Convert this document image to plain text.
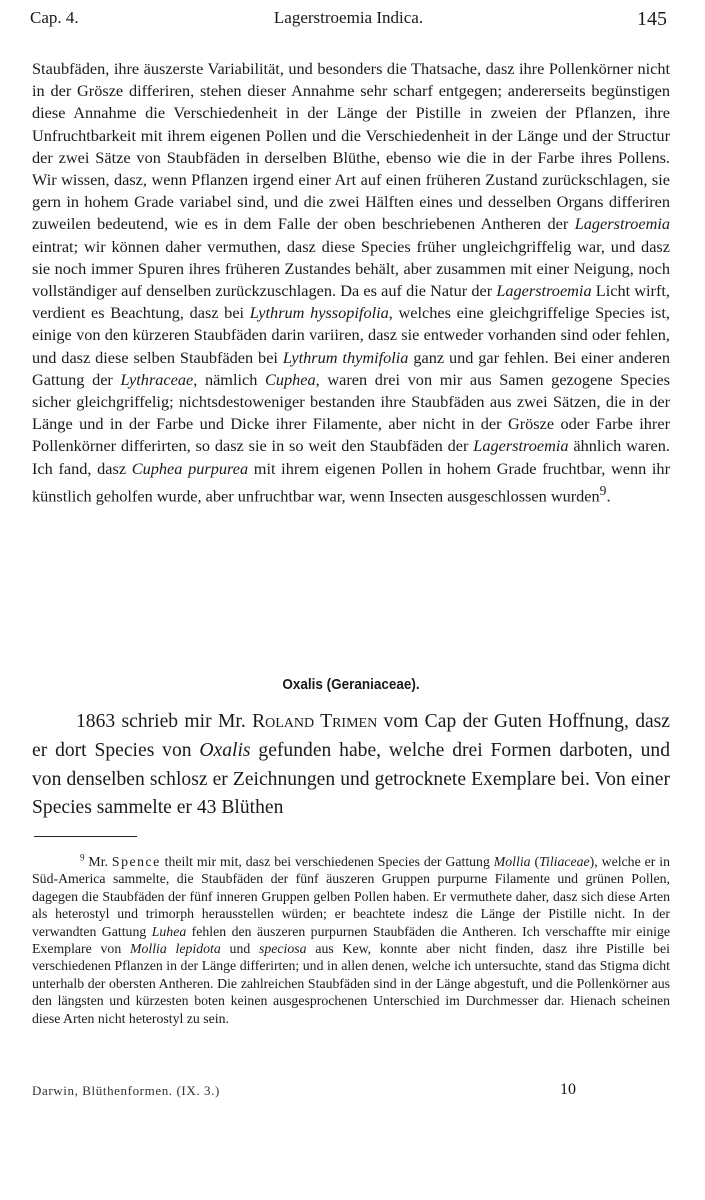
Cap. 4.	Lagerstroemia Indica.	145

Staubfäden, ihre äuszerste Variabilität, und besonders die Thatsache, dasz ihre Pollenkörner nicht in der Grösze differiren, stehen dieser Annahme sehr scharf entgegen; andererseits begünstigen diese Annahme die Verschiedenheit in der Länge der Pistille in zweien der Pflanzen, ihre Unfruchtbarkeit mit ihrem eigenen Pollen und die Verschiedenheit in der Länge und der Structur der zwei Sätze von Staubfäden in derselben Blüthe, ebenso wie die in der Farbe ihres Pollens. Wir wissen, dasz, wenn Pflanzen irgend einer Art auf einen früheren Zustand zurückschlagen, sie gern in hohem Grade variabel sind, und die zwei Hälften eines und desselben Organs differiren zuweilen bedeutend, wie es in dem Falle der oben beschriebenen Antheren der Lagerstroemia eintrat; wir können daher vermuthen, dasz diese Species früher ungleichgriffelig war, und dasz sie noch immer Spuren ihres früheren Zustandes behält, aber zusammen mit einer Neigung, noch vollständiger auf denselben zurückzuschlagen. Da es auf die Natur der Lagerstroemia Licht wirft, verdient es Beachtung, dasz bei Lythrum hyssopifolia, welches eine gleichgriffelige Species ist, einige von den kürzeren Staubfäden darin variiren, dasz sie entweder vorhanden sind oder fehlen, und dasz diese selben Staubfäden bei Lythrum thymifolia ganz und gar fehlen. Bei einer anderen Gattung der Lythraceae, nämlich Cuphea, waren drei von mir aus Samen gezogene Species sicher gleichgriffelig; nichtsdestoweniger bestanden ihre Staubfäden aus zwei Sätzen, die in der Länge und in der Farbe und Dicke ihrer Filamente, aber nicht in der Grösze oder Farbe ihrer Pollenkörner differirten, so dasz sie in so weit den Staubfäden der Lagerstroemia ähnlich waren. Ich fand, dasz Cuphea purpurea mit ihrem eigenen Pollen in hohem Grade fruchtbar, wenn ihr künstlich geholfen wurde, aber unfruchtbar war, wenn Insecten ausgeschlossen wurden$^9$.

Oxalis (Geraniaceae).

1863 schrieb mir Mr. Roland Trimen vom Cap der Guten Hoffnung, dasz er dort Species von Oxalis gefunden habe, welche drei Formen darboten, und von denselben schlosz er Zeichnungen und getrocknete Exemplare bei. Von einer Species sammelte er 43 Blüthen

$^9$ Mr. Spence theilt mir mit, dasz bei verschiedenen Species der Gattung Mollia (Tiliaceae), welche er in Süd-America sammelte, die Staubfäden der fünf äuszeren Gruppen purpurne Filamente und grünen Pollen, dagegen die Staubfäden der fünf inneren Gruppen gelben Pollen haben. Er vermuthete daher, dasz sich diese Arten als heterostyl und trimorph herausstellen würden; er beachtete indesz die Länge der Pistille nicht. In der verwandten Gattung Luhea fehlen den äuszeren purpurnen Staubfäden die Antheren. Ich verschaffte mir einige Exemplare von Mollia lepidota und speciosa aus Kew, konnte aber nicht finden, dasz ihre Pistille bei verschiedenen Pflanzen in der Länge differirten; und in allen denen, welche ich untersuchte, stand das Stigma dicht unterhalb der obersten Antheren. Die zahlreichen Staubfäden sind in der Länge abgestuft, und die Pollenkörner aus den längsten und kürzesten boten keinen ausgesprochenen Unterschied im Durchmesser dar. Hienach scheinen diese Arten nicht heterostyl zu sein.

Darwin, Blüthenformen. (IX. 3.)	10
